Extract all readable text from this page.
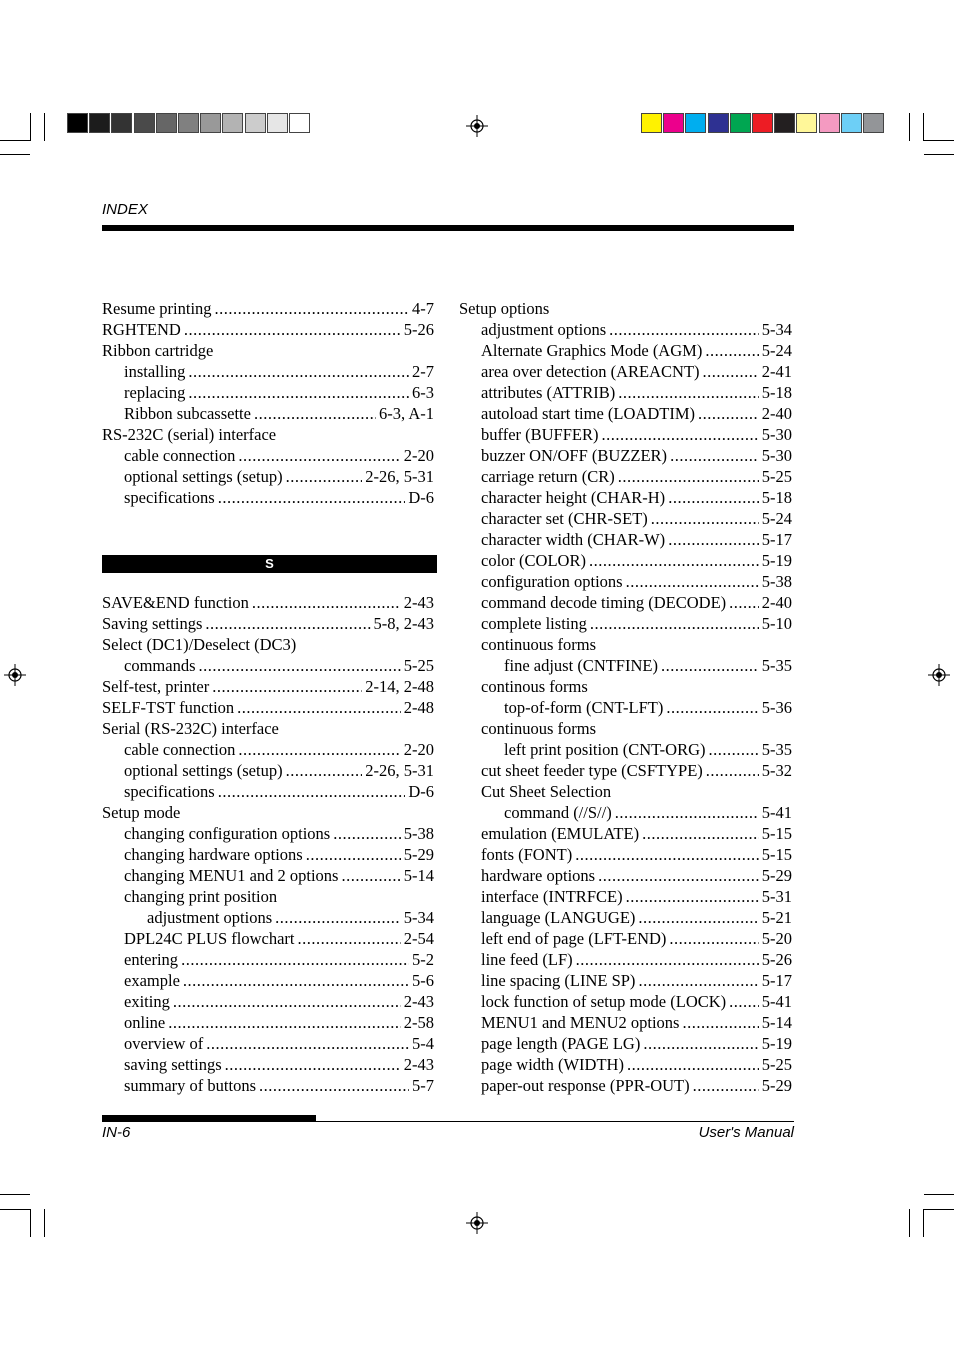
INDEX
Resume printing .....	4-7
RGHTEND .....	5-26
Ribbon cartridge
installing .....	2-7
replacing .....	6-3
Ribbon subcassette .....	6-3, A-1
RS-232C (serial) interface
cable connection .....	2-20
optional settings (setup) .....	2-26, 5-31
specifications .....	D-6
S
SAVE&END function .....	2-43
Saving settings .....	5-8, 2-43
Select (DC1)/Deselect (DC3)
commands .....	5-25
Self-test, printer .....	2-14, 2-48
SELF-TST function .....	2-48
Serial (RS-232C) interface
cable connection .....	2-20
optional settings (setup) .....	2-26, 5-31
specifications .....	D-6
Setup mode
changing configuration options .....	5-38
changing hardware options .....	5-29
changing MENU1 and 2 options .....	5-14
changing print position
adjustment options .....	5-34
DPL24C PLUS flowchart .....	2-54
entering .....	5-2
example .....	5-6
exiting .....	2-43
online .....	2-58
overview of .....	5-4
saving settings .....	2-43
summary of buttons .....	5-7
Setup options
adjustment options .....	5-34
Alternate Graphics Mode (AGM) .....	5-24
area over detection (AREACNT) .....	2-41
attributes (ATTRIB) .....	5-18
autoload start time (LOADTIM) .....	2-40
buffer (BUFFER) .....	5-30
buzzer ON/OFF (BUZZER) .....	5-30
carriage return (CR) .....	5-25
character height (CHAR-H) .....	5-18
character set (CHR-SET) .....	5-24
character width (CHAR-W) .....	5-17
color (COLOR) .....	5-19
configuration options .....	5-38
command decode timing (DECODE) ..... 2-40
complete listing .....	5-10
continuous forms
fine adjust (CNTFINE) .....	5-35
continous forms
top-of-form (CNT-LFT) .....	5-36
continuous forms
left print position (CNT-ORG) .....	5-35
cut sheet feeder type (CSFTYPE) .....	5-32
Cut Sheet Selection
command (//S//) .....	5-41
emulation (EMULATE) .....	5-15
fonts (FONT) .....	5-15
hardware options .....	5-29
interface (INTRFCE) .....	5-31
language (LANGUGE) .....	5-21
left end of page (LFT-END) .....	5-20
line feed (LF) .....	5-26
line spacing (LINE SP) .....	5-17
lock function of setup mode (LOCK) ..... 5-41
MENU1 and MENU2 options .....	5-14
page length (PAGE LG) .....	5-19
page width (WIDTH) .....	5-25
paper-out response (PPR-OUT) .....	5-29
IN-6	User's Manual
